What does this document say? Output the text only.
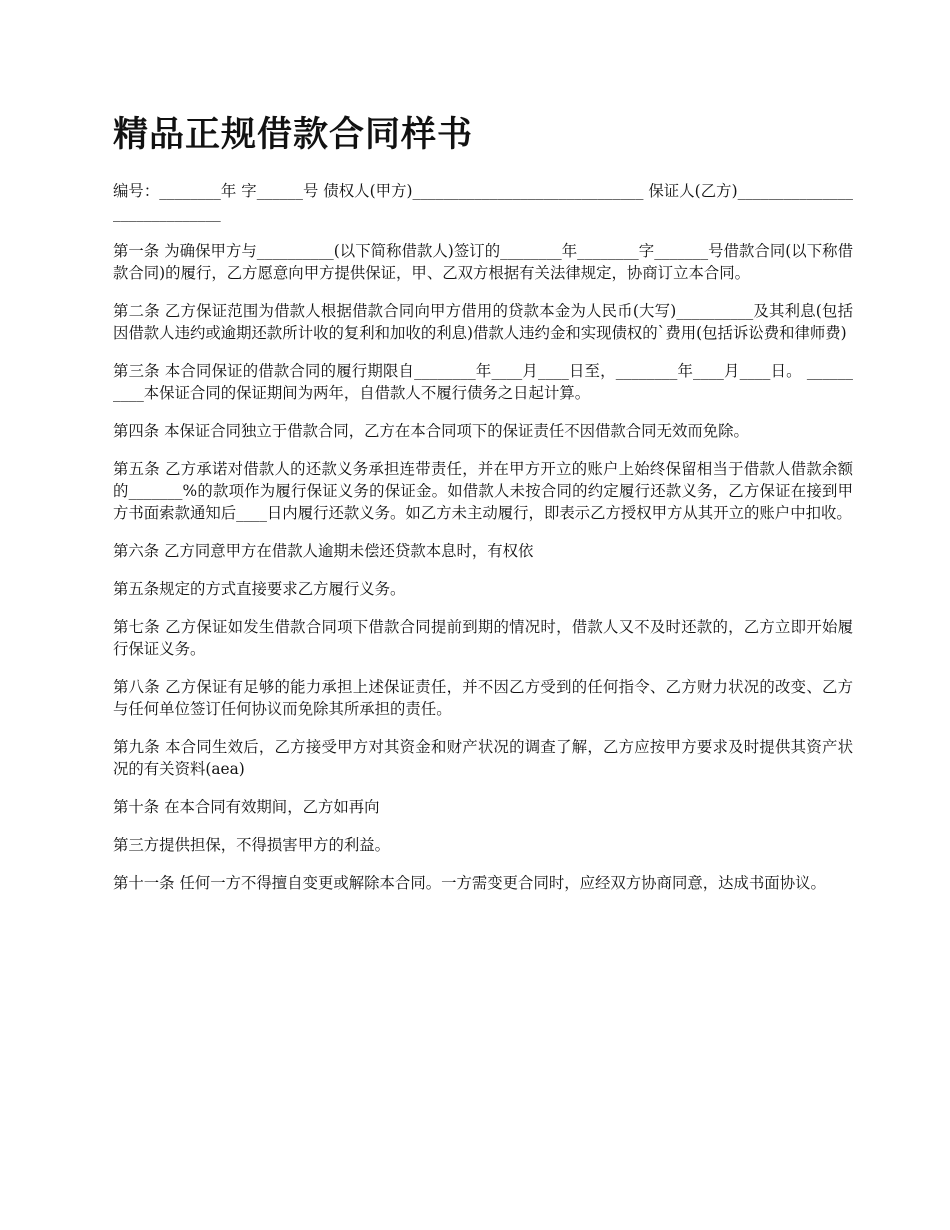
精品正规借款合同样书

编号：________年 字______号 债权人(甲方)______________________________ 保证人(乙方)_____________________________

第一条 为确保甲方与__________(以下简称借款人)签订的________年________字_______号借款合同(以下称借款合同)的履行，乙方愿意向甲方提供保证，甲、乙双方根据有关法律规定，协商订立本合同。

第二条 乙方保证范围为借款人根据借款合同向甲方借用的贷款本金为人民币(大写)__________及其利息(包括因借款人违约或逾期还款所计收的复利和加收的利息)借款人违约金和实现债权的`费用(包括诉讼费和律师费)

第三条 本合同保证的借款合同的履行期限自________年____月____日至，________年____月____日。 __________本保证合同的保证期间为两年，自借款人不履行债务之日起计算。

第四条 本保证合同独立于借款合同，乙方在本合同项下的保证责任不因借款合同无效而免除。

第五条 乙方承诺对借款人的还款义务承担连带责任，并在甲方开立的账户上始终保留相当于借款人借款余额的_______%的款项作为履行保证义务的保证金。如借款人未按合同的约定履行还款义务，乙方保证在接到甲方书面索款通知后____日内履行还款义务。如乙方未主动履行，即表示乙方授权甲方从其开立的账户中扣收。

第六条 乙方同意甲方在借款人逾期未偿还贷款本息时，有权依

第五条规定的方式直接要求乙方履行义务。

第七条 乙方保证如发生借款合同项下借款合同提前到期的情况时，借款人又不及时还款的，乙方立即开始履行保证义务。

第八条 乙方保证有足够的能力承担上述保证责任，并不因乙方受到的任何指令、乙方财力状况的改变、乙方与任何单位签订任何协议而免除其所承担的责任。

第九条 本合同生效后，乙方接受甲方对其资金和财产状况的调查了解，乙方应按甲方要求及时提供其资产状况的有关资料(aea)

第十条 在本合同有效期间，乙方如再向

第三方提供担保，不得损害甲方的利益。

第十一条 任何一方不得擅自变更或解除本合同。一方需变更合同时，应经双方协商同意，达成书面协议。
